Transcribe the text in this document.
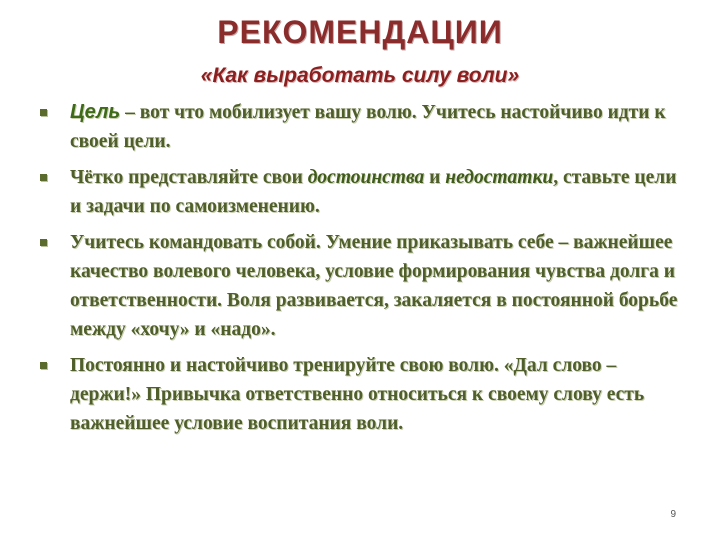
РЕКОМЕНДАЦИИ
«Как выработать силу воли»
Цель – вот что мобилизует вашу волю. Учитесь настойчиво идти к своей цели.
Чётко представляйте свои достоинства и недостатки, ставьте цели и задачи по самоизменению.
Учитесь командовать собой. Умение приказывать себе – важнейшее качество волевого человека, условие формирования чувства долга и ответственности. Воля развивается, закаляется в постоянной борьбе между «хочу» и «надо».
Постоянно и настойчиво тренируйте свою волю. «Дал слово – держи!» Привычка ответственно относиться к своему слову есть важнейшее условие воспитания воли.
9
